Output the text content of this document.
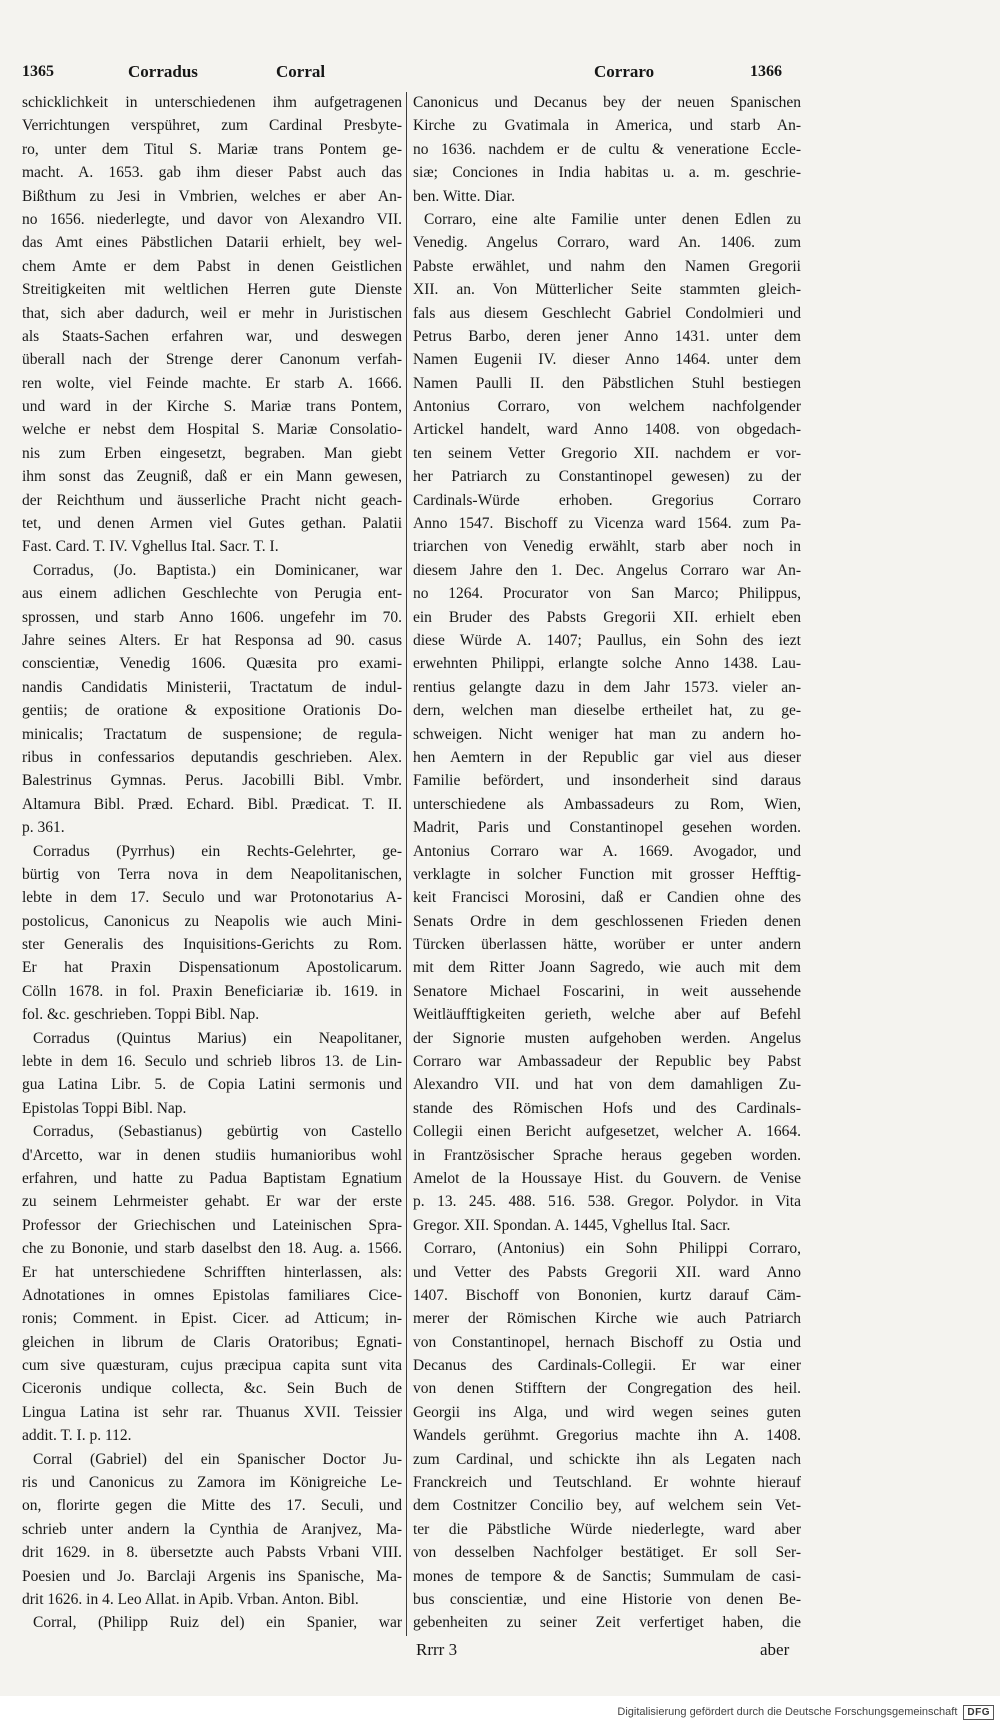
1365	Corradus	Corral	Corraro	1366
schicklichkeit in unterschiedenen ihm aufgetragenen
Verrichtungen verspühret, zum Cardinal Presbyte-
ro, unter dem Titul S. Mariæ trans Pontem ge-
macht. A. 1653. gab ihm dieser Pabst auch das
Bißthum zu Jesi in Vmbrien, welches er aber An-
no 1656. niederlegte, und davor von Alexandro VII.
das Amt eines Päbstlichen Datarii erhielt, bey wel-
chem Amte er dem Pabst in denen Geistlichen
Streitigkeiten mit weltlichen Herren gute Dienste
that, sich aber dadurch, weil er mehr in Juristischen
als Staats-Sachen erfahren war, und deswegen
überall nach der Strenge derer Canonum verfah-
ren wolte, viel Feinde machte. Er starb A. 1666.
und ward in der Kirche S. Mariæ trans Pontem,
welche er nebst dem Hospital S. Mariæ Consolatio-
nis zum Erben eingesetzt, begraben. Man giebt
ihm sonst das Zeugniß, daß er ein Mann gewesen,
der Reichthum und äusserliche Pracht nicht geach-
tet, und denen Armen viel Gutes gethan. Palatii
Fast. Card. T. IV. Vghellus Ital. Sacr. T. I.
Corradus, (Jo. Baptista.) ein Dominicaner, war
aus einem adlichen Geschlechte von Perugia ent-
sprossen, und starb Anno 1606. ungefehr im 70.
Jahre seines Alters. Er hat Responsa ad 90. casus
conscientiæ, Venedig 1606. Quæsita pro exami-
nandis Candidatis Ministerii, Tractatum de indul-
gentiis; de oratione & expositione Orationis Do-
minicalis; Tractatum de suspensione; de regula-
ribus in confessarios deputandis geschrieben. Alex.
Balestrinus Gymnas. Perus. Jacobilli Bibl. Vmbr.
Altamura Bibl. Præd. Echard. Bibl. Prædicat. T. II.
p. 361.
Corradus (Pyrrhus) ein Rechts-Gelehrter, ge-
bürtig von Terra nova in dem Neapolitanischen,
lebte in dem 17. Seculo und war Protonotarius A-
postolicus, Canonicus zu Neapolis wie auch Mini-
ster Generalis des Inquisitions-Gerichts zu Rom.
Er hat Praxin Dispensationum Apostolicarum.
Cölln 1678. in fol. Praxin Beneficiariæ ib. 1619. in
fol. &c. geschrieben. Toppi Bibl. Nap.
Corradus (Quintus Marius) ein Neapolitaner,
lebte in dem 16. Seculo und schrieb libros 13. de Lin-
gua Latina Libr. 5. de Copia Latini sermonis und
Epistolas Toppi Bibl. Nap.
Corradus, (Sebastianus) gebürtig von Castello
d'Arcetto, war in denen studiis humanioribus wohl
erfahren, und hatte zu Padua Baptistam Egnatium
zu seinem Lehrmeister gehabt. Er war der erste
Professor der Griechischen und Lateinischen Spra-
che zu Bononie, und starb daselbst den 18. Aug. a. 1566.
Er hat unterschiedene Schrifften hinterlassen, als:
Adnotationes in omnes Epistolas familiares Cice-
ronis; Comment. in Epist. Cicer. ad Atticum; in-
gleichen in librum de Claris Oratoribus; Egnati-
cum sive quæsturam, cujus præcipua capita sunt vita
Ciceronis undique collecta, &c. Sein Buch de
Lingua Latina ist sehr rar. Thuanus XVII. Teissier
addit. T. I. p. 112.
Corral (Gabriel) del ein Spanischer Doctor Ju-
ris und Canonicus zu Zamora im Königreiche Le-
on, florirte gegen die Mitte des 17. Seculi, und
schrieb unter andern la Cynthia de Aranjvez, Ma-
drit 1629. in 8. übersetzte auch Pabsts Vrbani VIII.
Poesien und Jo. Barclaji Argenis ins Spanische, Ma-
drit 1626. in 4. Leo Allat. in Apib. Vrban. Anton. Bibl.
Corral, (Philipp Ruiz del) ein Spanier, war
Canonicus und Decanus bey der neuen Spanischen
Kirche zu Gvatimala in America, und starb An-
no 1636. nachdem er de cultu & veneratione Eccle-
siæ; Conciones in India habitas u. a. m. geschrie-
ben. Witte. Diar.
Corraro, eine alte Familie unter denen Edlen zu
Venedig. Angelus Corraro, ward An. 1406. zum
Pabste erwählet, und nahm den Namen Gregorii
XII. an. Von Mütterlicher Seite stammten gleich-
fals aus diesem Geschlecht Gabriel Condolmieri und
Petrus Barbo, deren jener Anno 1431. unter dem
Namen Eugenii IV. dieser Anno 1464. unter dem
Namen Paulli II. den Päbstlichen Stuhl bestiegen
Antonius Corraro, von welchem nachfolgender
Artickel handelt, ward Anno 1408. von obgedach-
ten seinem Vetter Gregorio XII. nachdem er vor-
her Patriarch zu Constantinopel gewesen) zu der
Cardinals-Würde erhoben. Gregorius Corraro
Anno 1547. Bischoff zu Vicenza ward 1564. zum Pa-
triarchen von Venedig erwählt, starb aber noch in
diesem Jahre den 1. Dec. Angelus Corraro war An-
no 1264. Procurator von San Marco; Philippus,
ein Bruder des Pabsts Gregorii XII. erhielt eben
diese Würde A. 1407; Paullus, ein Sohn des iezt
erwehnten Philippi, erlangte solche Anno 1438. Lau-
rentius gelangte dazu in dem Jahr 1573. vieler an-
dern, welchen man dieselbe ertheilet hat, zu ge-
schweigen. Nicht weniger hat man zu andern ho-
hen Aemtern in der Republic gar viel aus dieser
Familie befördert, und insonderheit sind daraus
unterschiedene als Ambassadeurs zu Rom, Wien,
Madrit, Paris und Constantinopel gesehen worden.
Antonius Corraro war A. 1669. Avogador, und
verklagte in solcher Function mit grosser Hefftig-
keit Francisci Morosini, daß er Candien ohne des
Senats Ordre in dem geschlossenen Frieden denen
Türcken überlassen hätte, worüber er unter andern
mit dem Ritter Joann Sagredo, wie auch mit dem
Senatore Michael Foscarini, in weit aussehende
Weitläufftigkeiten gerieth, welche aber auf Befehl
der Signorie musten aufgehoben werden. Angelus
Corraro war Ambassadeur der Republic bey Pabst
Alexandro VII. und hat von dem damahligen Zu-
stande des Römischen Hofs und des Cardinals-
Collegii einen Bericht aufgesetzet, welcher A. 1664.
in Frantzösischer Sprache heraus gegeben worden.
Amelot de la Houssaye Hist. du Gouvern. de Venise
p. 13. 245. 488. 516. 538. Gregor. Polydor. in Vita
Gregor. XII. Spondan. A. 1445, Vghellus Ital. Sacr.
Corraro, (Antonius) ein Sohn Philippi Corraro,
und Vetter des Pabsts Gregorii XII. ward Anno
1407. Bischoff von Bononien, kurtz darauf Cäm-
merer der Römischen Kirche wie auch Patriarch
von Constantinopel, hernach Bischoff zu Ostia und
Decanus des Cardinals-Collegii. Er war einer
von denen Stifftern der Congregation des heil.
Georgii ins Alga, und wird wegen seines guten
Wandels gerühmt. Gregorius machte ihn A. 1408.
zum Cardinal, und schickte ihn als Legaten nach
Franckreich und Teutschland. Er wohnte hierauf
dem Costnitzer Concilio bey, auf welchem sein Vet-
ter die Päbstliche Würde niederlegte, ward aber
von desselben Nachfolger bestätiget. Er soll Ser-
mones de tempore & de Sanctis; Summulam de casi-
bus conscientiæ, und eine Historie von denen Be-
gebenheiten zu seiner Zeit verfertiget haben, die
Rrrr 3	aber
Digitalisierung gefördert durch die Deutsche Forschungsgemeinschaft	DFG
